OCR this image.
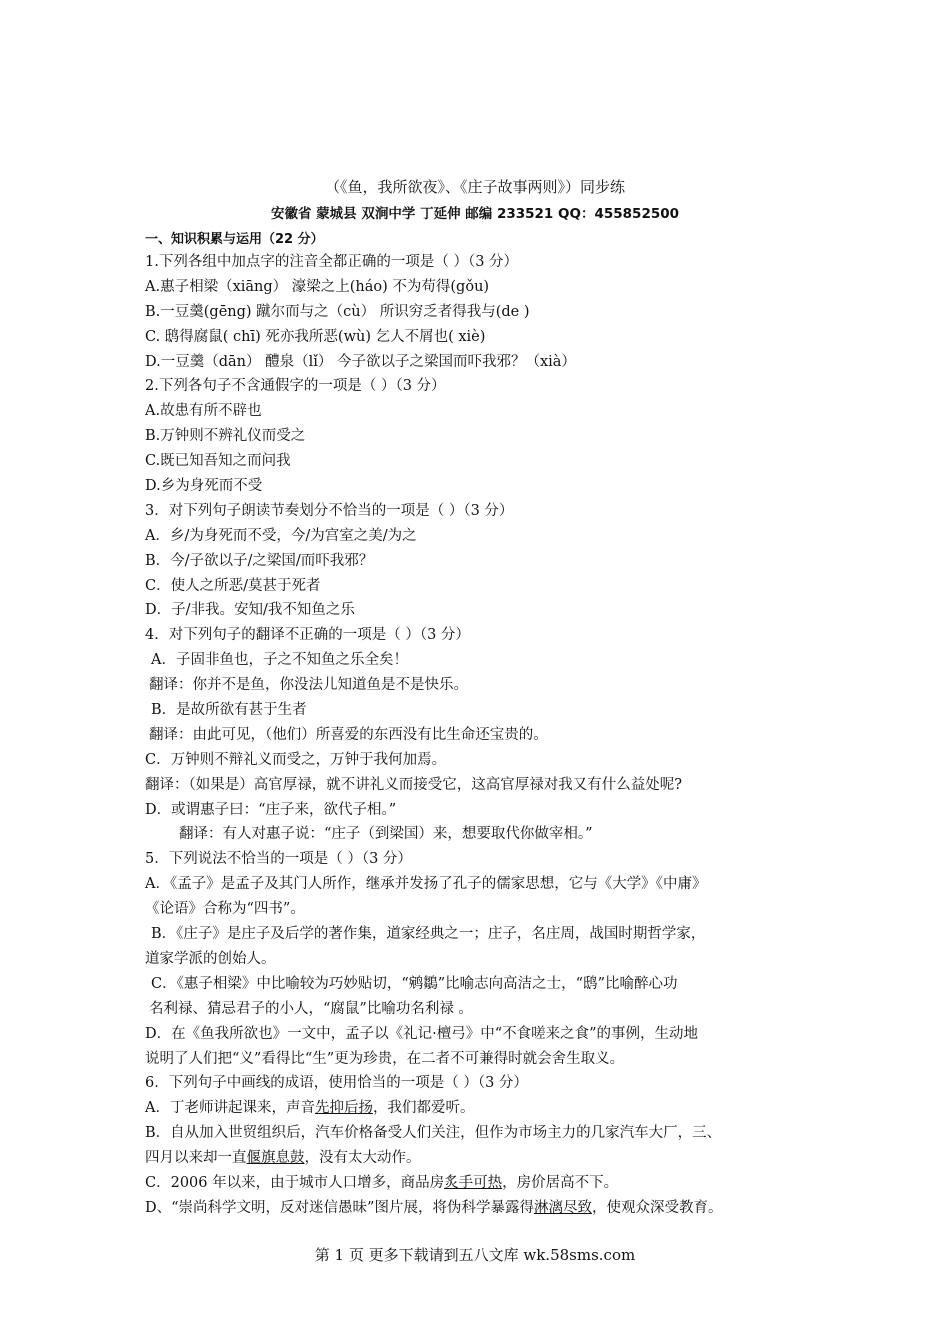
（《鱼，我所欲夜》、《庄子故事两则》）同步练
安徽省 蒙城县 双涧中学 丁延伸 邮编 233521 QQ：455852500
一、知识积累与运用（22 分）
1.下列各组中加点字的注音全都正确的一项是（ ）（3 分）
A.惠子相梁（xiāng） 濠梁之上(háo) 不为苟得(gǒu)
B.一豆羹(gēng) 蹴尔而与之（cù） 所识穷乏者得我与(de )
C. 鸱得腐鼠( chī) 死亦我所恶(wù) 乞人不屑也( xiè)
D.一豆羹（dān） 醴泉（lǐ） 今子欲以子之梁国而吓我邪？（xià）
2.下列各句子不含通假字的一项是（ ）（3 分）
A.故患有所不辟也
B.万钟则不辨礼仪而受之
C.既已知吾知之而问我
D.乡为身死而不受
3．对下列句子朗读节奏划分不恰当的一项是（ ）（3 分）
A．乡/为身死而不受，今/为宫室之美/为之
B．今/子欲以子/之梁国/而吓我邪？
C．使人之所恶/莫甚于死者
D．子/非我。安知/我不知鱼之乐
4．对下列句子的翻译不正确的一项是（ ）（3 分）
A．子固非鱼也，子之不知鱼之乐全矣！
翻译：你并不是鱼，你没法儿知道鱼是不是快乐。
B．是故所欲有甚于生者
翻译：由此可见，（他们）所喜爱的东西没有比生命还宝贵的。
C．万钟则不辩礼义而受之，万钟于我何加焉。
翻译：（如果是）高官厚禄，就不讲礼义而接受它，这高官厚禄对我又有什么益处呢?
D．或谓惠子曰：“庄子来，欲代子相。”
翻译：有人对惠子说：“庄子（到梁国）来，想要取代你做宰相。”
5．下列说法不恰当的一项是（ ）（3 分）
A．《孟子》是孟子及其门人所作，继承并发扬了孔子的儒家思想，它与《大学》《中庸》
《论语》合称为“四书”。
B．《庄子》是庄子及后学的著作集，道家经典之一；庄子，名庄周，战国时期哲学家，
道家学派的创始人。
C．《惠子相梁》中比喻较为巧妙贴切，“鹓鶵”比喻志向高洁之士，“鸱”比喻醉心功
名利禄、猜忌君子的小人，“腐鼠”比喻功名利禄 。
D．在《鱼我所欲也》一文中，孟子以《礼记·檀弓》中“不食嗟来之食”的事例，生动地
说明了人们把“义”看得比“生”更为珍贵，在二者不可兼得时就会舍生取义。
6．下列句子中画线的成语，使用恰当的一项是（ ）（3 分）
A．丁老师讲起课来，声音先抑后扬，我们都爱听。
B．自从加入世贸组织后，汽车价格备受人们关注，但作为市场主力的几家汽车大厂，三、
四月以来却一直偃旗息鼓，没有太大动作。
C．2006 年以来，由于城市人口增多，商品房炙手可热，房价居高不下。
D、“崇尚科学文明，反对迷信愚昧”图片展，将伪科学暴露得淋漓尽致，使观众深受教育。
第 1 页 更多下载请到五八文库 wk.58sms.com
